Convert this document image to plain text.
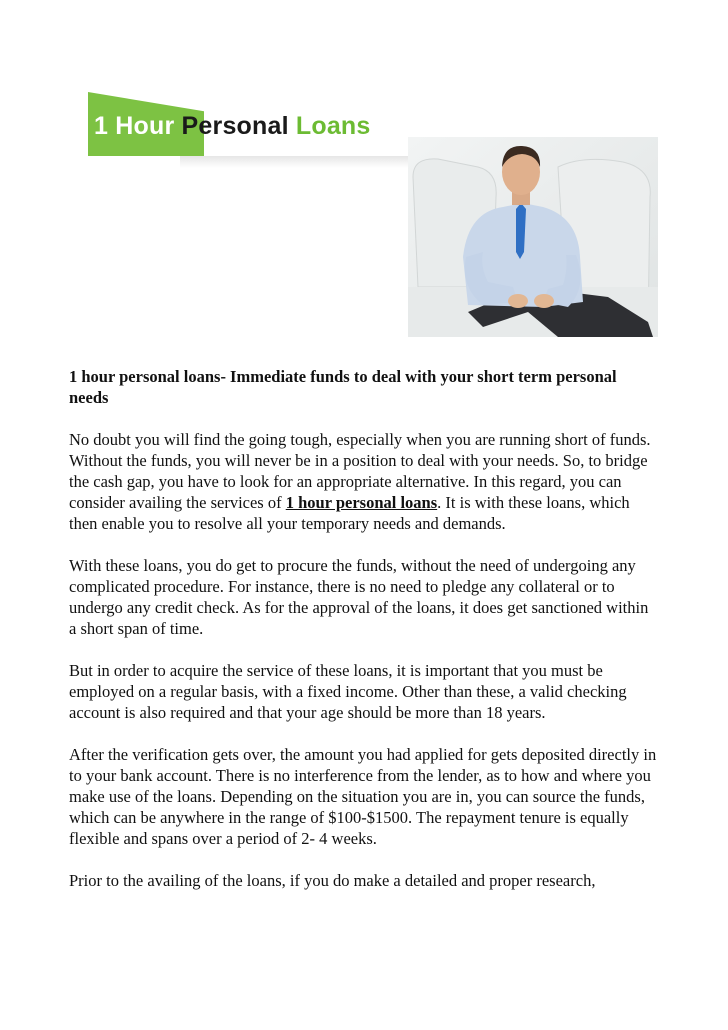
1 Hour Personal Loans
1 hour personal loans- Immediate funds to deal with your short term personal needs
No doubt you will find the going tough, especially when you are running short of funds. Without the funds, you will never be in a position to deal with your needs. So, to bridge the cash gap, you have to look for an appropriate alternative. In this regard, you can consider availing the services of 1 hour personal loans. It is with these loans, which then enable you to resolve all your temporary needs and demands.
With these loans, you do get to procure the funds, without the need of undergoing any complicated procedure. For instance, there is no need to pledge any collateral or to undergo any credit check. As for the approval of the loans, it does get sanctioned within a short span of time.
But in order to acquire the service of these loans, it is important that you must be employed on a regular basis, with a fixed income. Other than these, a valid checking account is also required and that your age should be more than 18 years.
After the verification gets over, the amount you had applied for gets deposited directly in to your bank account. There is no interference from the lender, as to how and where you make use of the loans. Depending on the situation you are in, you can source the funds, which can be anywhere in the range of $100-$1500. The repayment tenure is equally flexible and spans over a period of 2- 4 weeks.
Prior to the availing of the loans, if you do make a detailed and proper research,
